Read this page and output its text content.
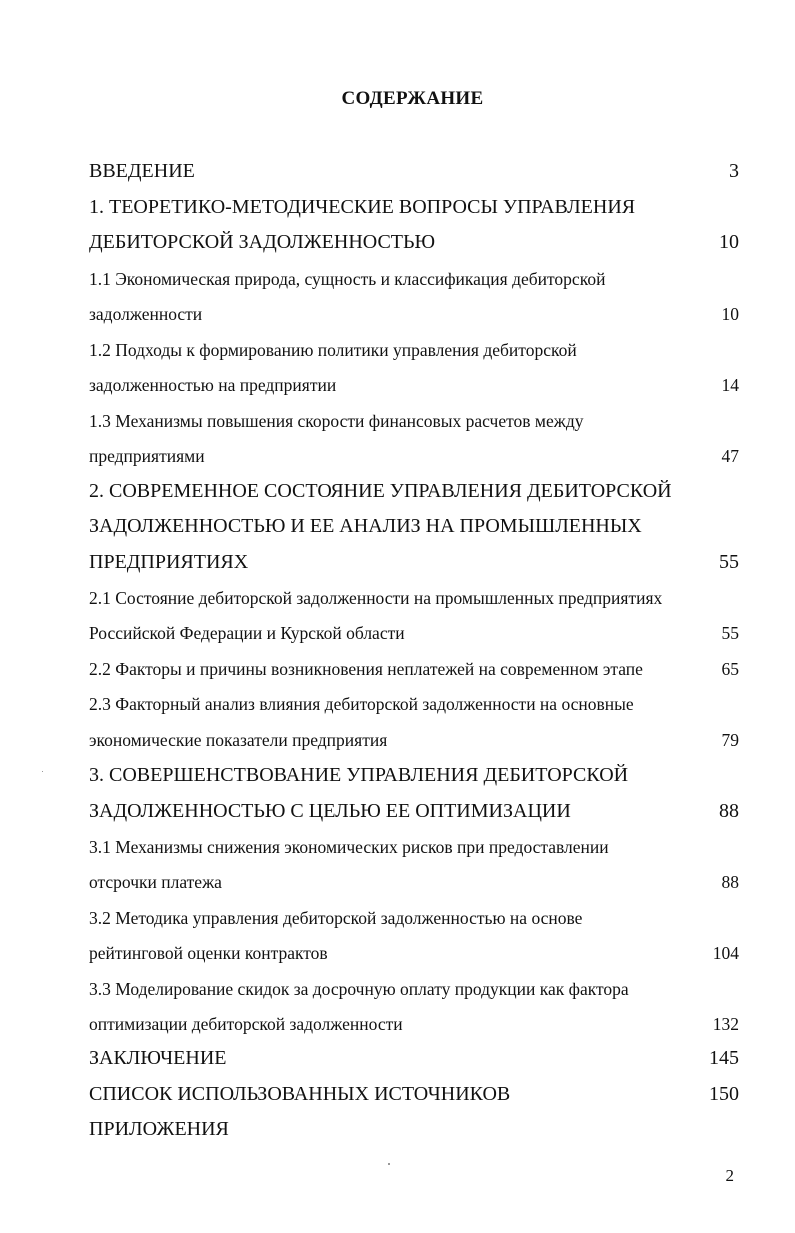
СОДЕРЖАНИЕ
ВВЕДЕНИЕ	3
1. ТЕОРЕТИКО-МЕТОДИЧЕСКИЕ ВОПРОСЫ УПРАВЛЕНИЯ
ДЕБИТОРСКОЙ ЗАДОЛЖЕННОСТЬЮ	10
1.1 Экономическая природа, сущность и классификация дебиторской
задолженности	10
1.2 Подходы к формированию политики управления дебиторской
задолженностью на предприятии	14
1.3 Механизмы повышения скорости финансовых расчетов между
предприятиями	47
2. СОВРЕМЕННОЕ СОСТОЯНИЕ УПРАВЛЕНИЯ ДЕБИТОРСКОЙ
ЗАДОЛЖЕННОСТЬЮ И ЕЕ АНАЛИЗ НА ПРОМЫШЛЕННЫХ
ПРЕДПРИЯТИЯХ	55
2.1 Состояние дебиторской задолженности на промышленных предприятиях
Российской Федерации и Курской области	55
2.2 Факторы и причины возникновения неплатежей на современном этапе	65
2.3 Факторный анализ влияния дебиторской задолженности на основные
экономические показатели предприятия	79
3. СОВЕРШЕНСТВОВАНИЕ УПРАВЛЕНИЯ ДЕБИТОРСКОЙ
ЗАДОЛЖЕННОСТЬЮ С ЦЕЛЬЮ ЕЕ ОПТИМИЗАЦИИ	88
3.1 Механизмы снижения экономических рисков при предоставлении
отсрочки платежа	88
3.2 Методика управления дебиторской задолженностью на основе
рейтинговой оценки контрактов	104
3.3 Моделирование скидок за досрочную оплату продукции как фактора
оптимизации дебиторской задолженности	132
ЗАКЛЮЧЕНИЕ	145
СПИСОК ИСПОЛЬЗОВАННЫХ ИСТОЧНИКОВ	150
ПРИЛОЖЕНИЯ
2
